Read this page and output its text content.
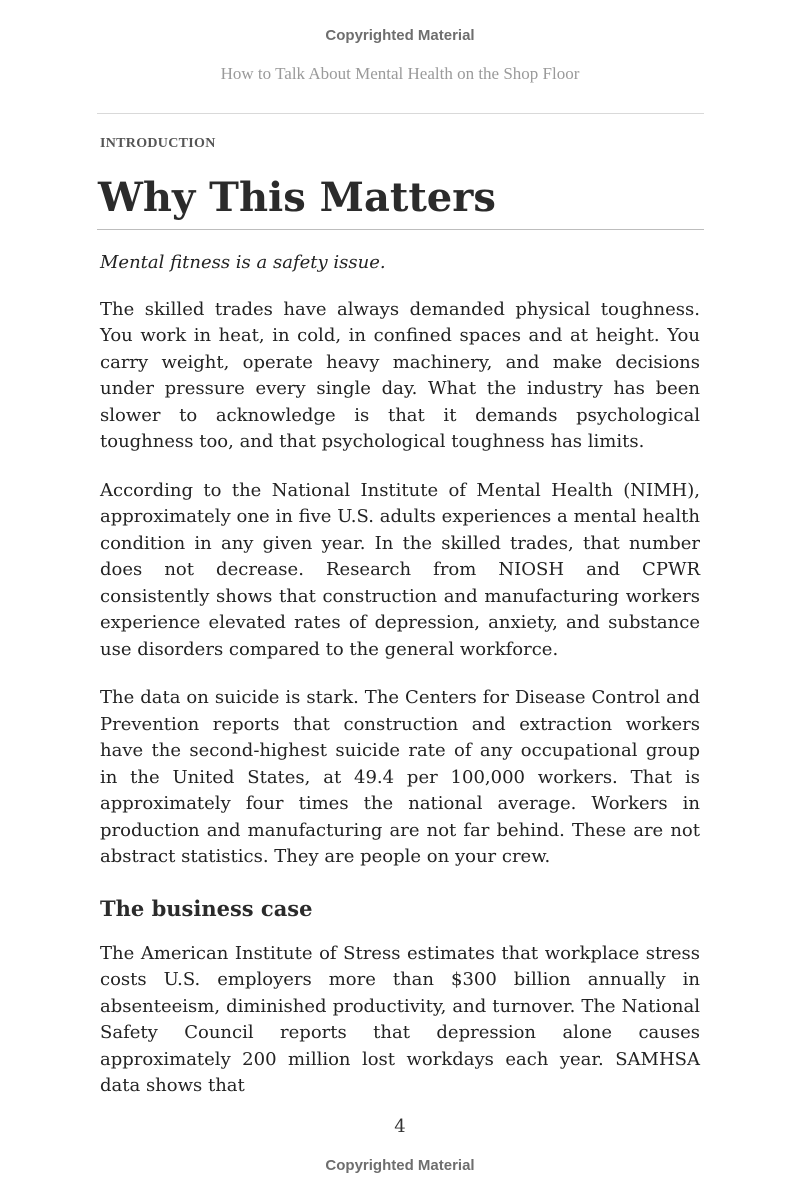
Copyrighted Material
How to Talk About Mental Health on the Shop Floor
INTRODUCTION
Why This Matters

Mental fitness is a safety issue.

The skilled trades have always demanded physical toughness. You work in heat, in cold, in confined spaces and at height. You carry weight, operate heavy machinery, and make decisions under pressure every single day. What the industry has been slower to acknowledge is that it demands psychological toughness too, and that psychological toughness has limits.

According to the National Institute of Mental Health (NIMH), approximately one in five U.S. adults experiences a mental health condition in any given year. In the skilled trades, that number does not decrease. Research from NIOSH and CPWR consistently shows that construction and manufacturing workers experience elevated rates of depression, anxiety, and substance use disorders compared to the general workforce.

The data on suicide is stark. The Centers for Disease Control and Prevention reports that construction and extraction workers have the second-highest suicide rate of any occupational group in the United States, at 49.4 per 100,000 workers. That is approximately four times the national average. Workers in production and manufacturing are not far behind. These are not abstract statistics. They are people on your crew.

The business case

The American Institute of Stress estimates that workplace stress costs U.S. employers more than $300 billion annually in absenteeism, diminished productivity, and turnover. The National Safety Council reports that depression alone causes approximately 200 million lost workdays each year. SAMHSA data shows that

4
Copyrighted Material
